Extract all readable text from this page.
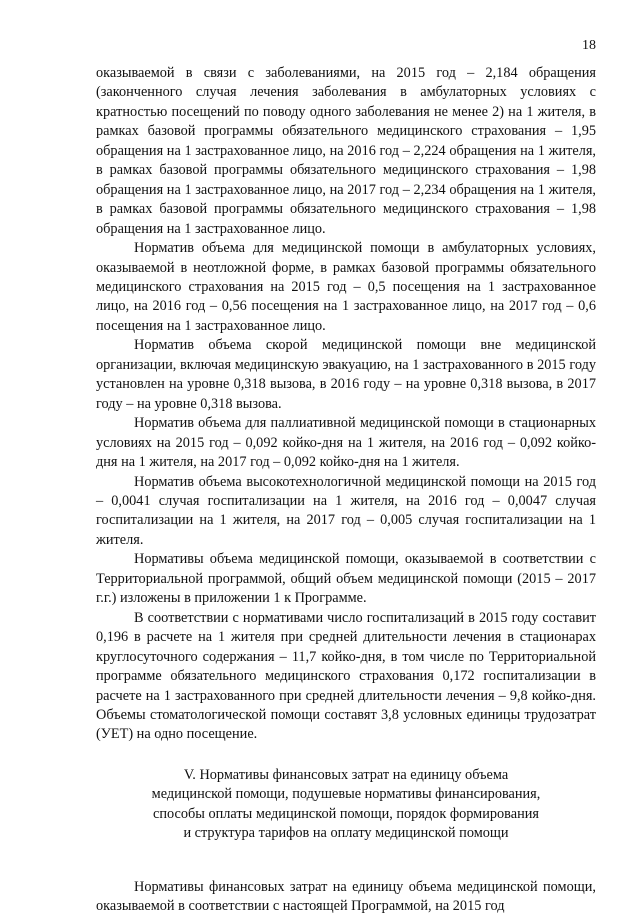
18

оказываемой в связи с заболеваниями, на 2015 год – 2,184 обращения (законченного случая лечения заболевания в амбулаторных условиях с кратностью посещений по поводу одного заболевания не менее 2) на 1 жителя, в рамках базовой программы обязательного медицинского страхования – 1,95 обращения на 1 застрахованное лицо, на 2016 год – 2,224 обращения на 1 жителя, в рамках базовой программы обязательного медицинского страхования – 1,98 обращения на 1 застрахованное лицо, на 2017 год – 2,234 обращения на 1 жителя, в рамках базовой программы обязательного медицинского страхования – 1,98 обращения на 1 застрахованное лицо.

Норматив объема для медицинской помощи в амбулаторных условиях, оказываемой в неотложной форме, в рамках базовой программы обязательного медицинского страхования на 2015 год – 0,5 посещения на 1 застрахованное лицо, на 2016 год – 0,56 посещения на 1 застрахованное лицо, на 2017 год – 0,6 посещения на 1 застрахованное лицо.

Норматив объема скорой медицинской помощи вне медицинской организации, включая медицинскую эвакуацию, на 1 застрахованного в 2015 году установлен на уровне 0,318 вызова, в 2016 году – на уровне 0,318 вызова, в 2017 году – на уровне 0,318 вызова.

Норматив объема для паллиативной медицинской помощи в стационарных условиях на 2015 год – 0,092 койко-дня на 1 жителя, на 2016 год – 0,092 койко-дня на 1 жителя, на 2017 год – 0,092 койко-дня на 1 жителя.

Норматив объема высокотехнологичной медицинской помощи на 2015 год – 0,0041 случая госпитализации на 1 жителя, на 2016 год – 0,0047 случая госпитализации на 1 жителя, на 2017 год – 0,005 случая госпитализации на 1 жителя.

Нормативы объема медицинской помощи, оказываемой в соответствии с Территориальной программой, общий объем медицинской помощи (2015 – 2017 г.г.) изложены в приложении 1 к Программе.

В соответствии с нормативами число госпитализаций в 2015 году составит 0,196 в расчете на 1 жителя при средней длительности лечения в стационарах круглосуточного содержания – 11,7 койко-дня, в том числе по Территориальной программе обязательного медицинского страхования 0,172 госпитализации в расчете на 1 застрахованного при средней длительности лечения – 9,8 койко-дня. Объемы стоматологической помощи составят 3,8 условных единицы трудозатрат (УЕТ) на одно посещение.

V. Нормативы финансовых затрат на единицу объема
медицинской помощи, подушевые нормативы финансирования,
способы оплаты медицинской помощи, порядок формирования
и структура тарифов на оплату медицинской помощи

Нормативы финансовых затрат на единицу объема медицинской помощи, оказываемой в соответствии с настоящей Программой, на 2015 год
